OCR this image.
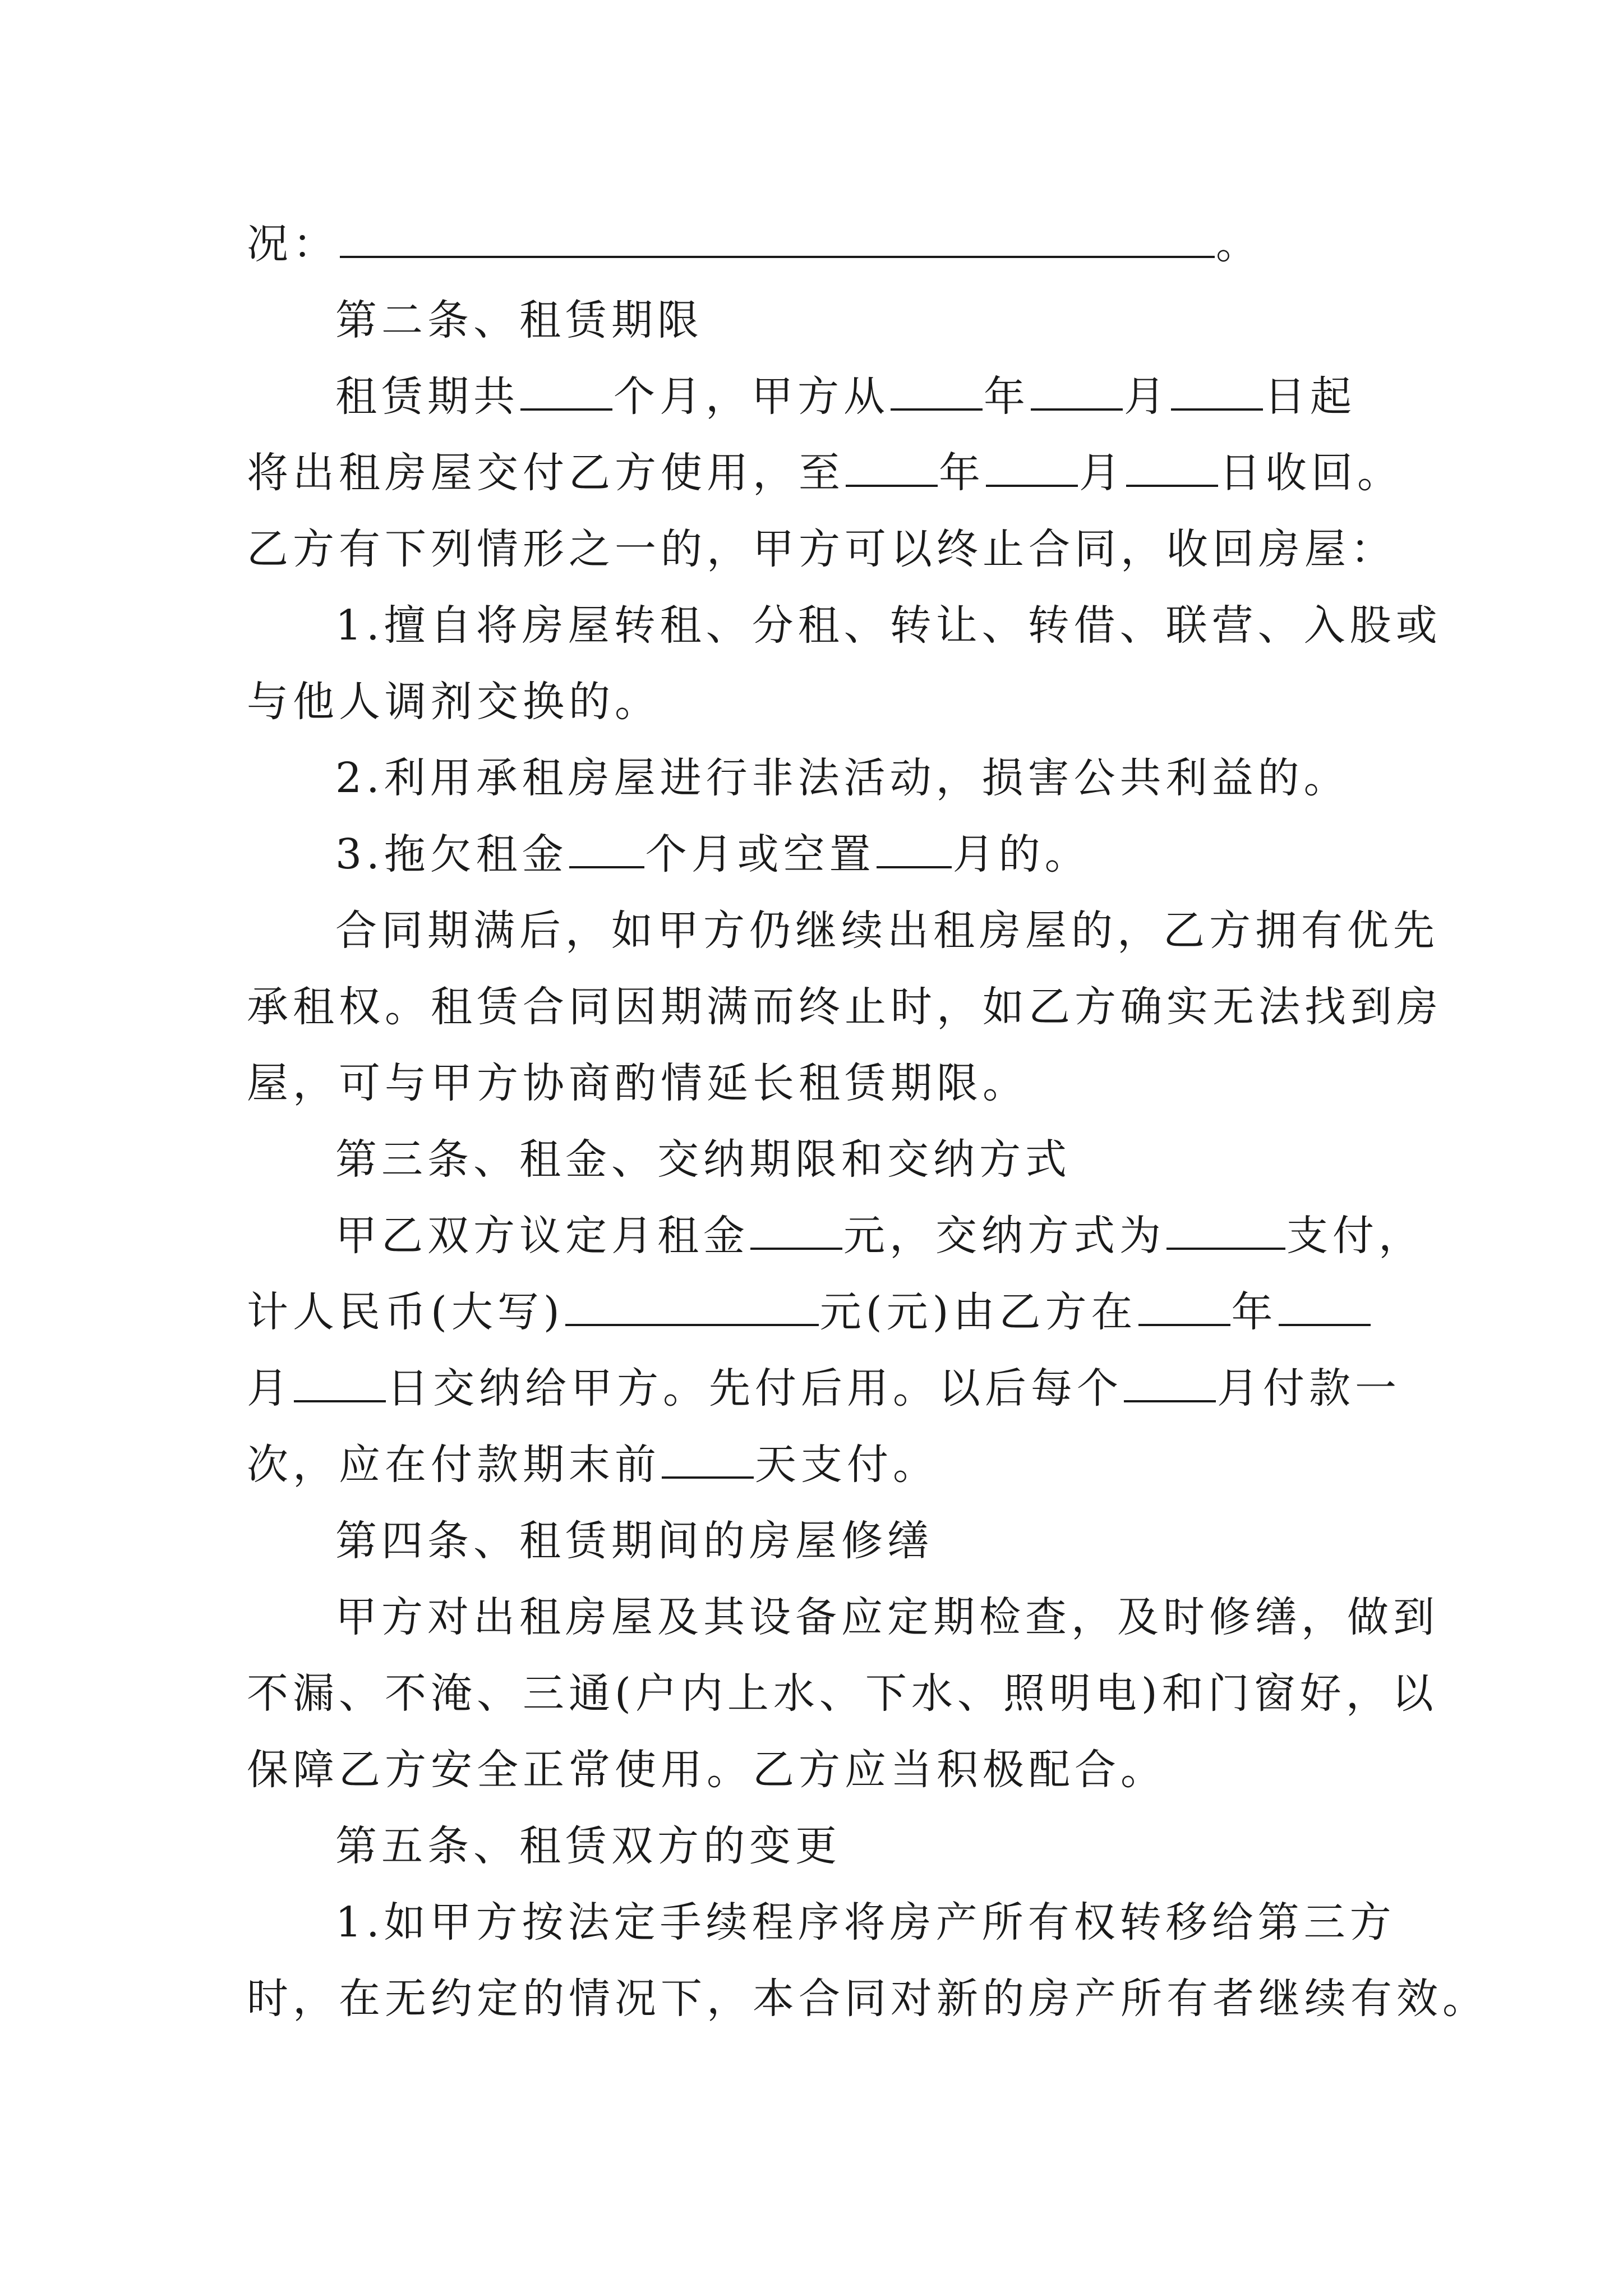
况：	。
第二条、租赁期限
租赁期共 个月，甲方从 年 月 日起
将出租房屋交付乙方使用，至 年 月 日收回。
乙方有下列情形之一的，甲方可以终止合同，收回房屋：
1.擅自将房屋转租、分租、转让、转借、联营、入股或
与他人调剂交换的。
2.利用承租房屋进行非法活动，损害公共利益的。
3.拖欠租金 个月或空置 月的。
合同期满后，如甲方仍继续出租房屋的，乙方拥有优先
承租权。租赁合同因期满而终止时，如乙方确实无法找到房
屋，可与甲方协商酌情延长租赁期限。
第三条、租金、交纳期限和交纳方式
甲乙双方议定月租金 元，交纳方式为	支付，
计人民币(大写)	元(元)由乙方在 年
月 日交纳给甲方。先付后用。以后每个 月付款一
次，应在付款期末前 天支付。
第四条、租赁期间的房屋修缮
甲方对出租房屋及其设备应定期检查，及时修缮，做到
不漏、不淹、三通(户内上水、下水、照明电)和门窗好，以
保障乙方安全正常使用。乙方应当积极配合。
第五条、租赁双方的变更
1.如甲方按法定手续程序将房产所有权转移给第三方
时，在无约定的情况下，本合同对新的房产所有者继续有效。
